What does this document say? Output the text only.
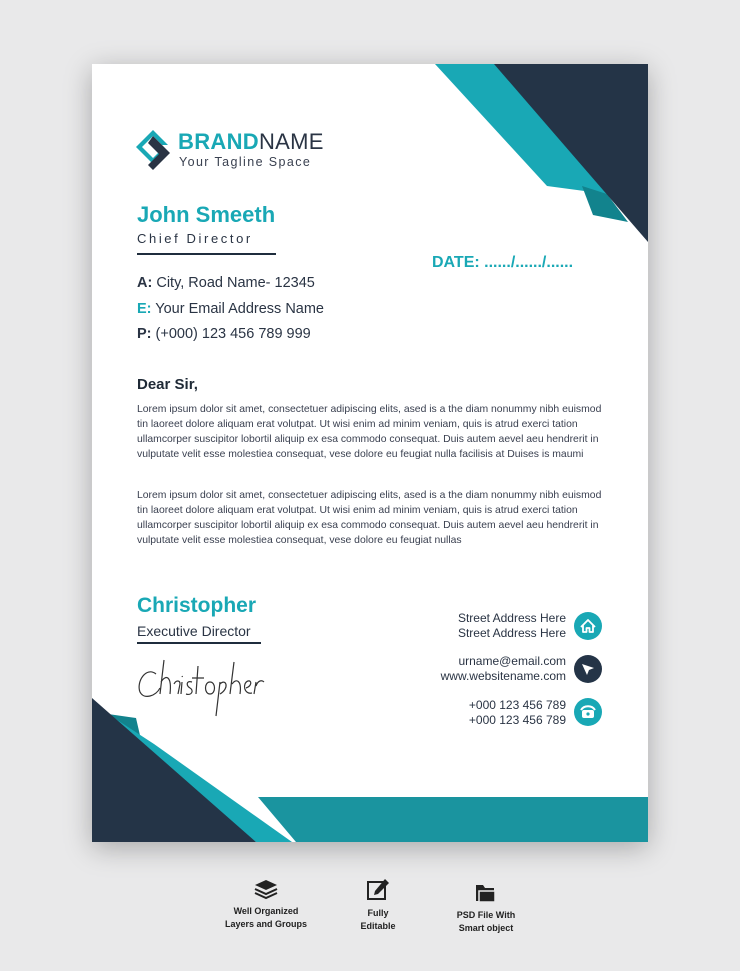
BRANDNAME
Your Tagline Space
John Smeeth
Chief Director
DATE: ....../....../......
A: City, Road Name- 12345
E: Your Email Address Name
P: (+000) 123 456 789 999
Dear Sir,
Lorem ipsum dolor sit amet, consectetuer adipiscing elits, ased is a the diam nonummy nibh euismod tin laoreet dolore aliquam erat volutpat. Ut wisi enim ad minim veniam, quis is atrud exerci tation ullamcorper suscipitor lobortil aliquip ex esa commodo consequat. Duis autem aevel aeu hendrerit in vulputate velit esse molestiea consequat, vese dolore eu feugiat nulla facilisis at Duises is maumi
Lorem ipsum dolor sit amet, consectetuer adipiscing elits, ased is a the diam nonummy nibh euismod tin laoreet dolore aliquam erat volutpat. Ut wisi enim ad minim veniam, quis is atrud exerci tation ullamcorper suscipitor lobortil aliquip ex esa commodo consequat. Duis autem aevel aeu hendrerit in vulputate velit esse molestiea consequat, vese dolore eu feugiat nullas
Christopher
Executive Director
Street Address Here
Street Address Here
urname@email.com
www.websitename.com
+000 123 456 789
+000 123 456 789
Well Organized
Layers and Groups
Fully
Editable
PSD File With
Smart object
